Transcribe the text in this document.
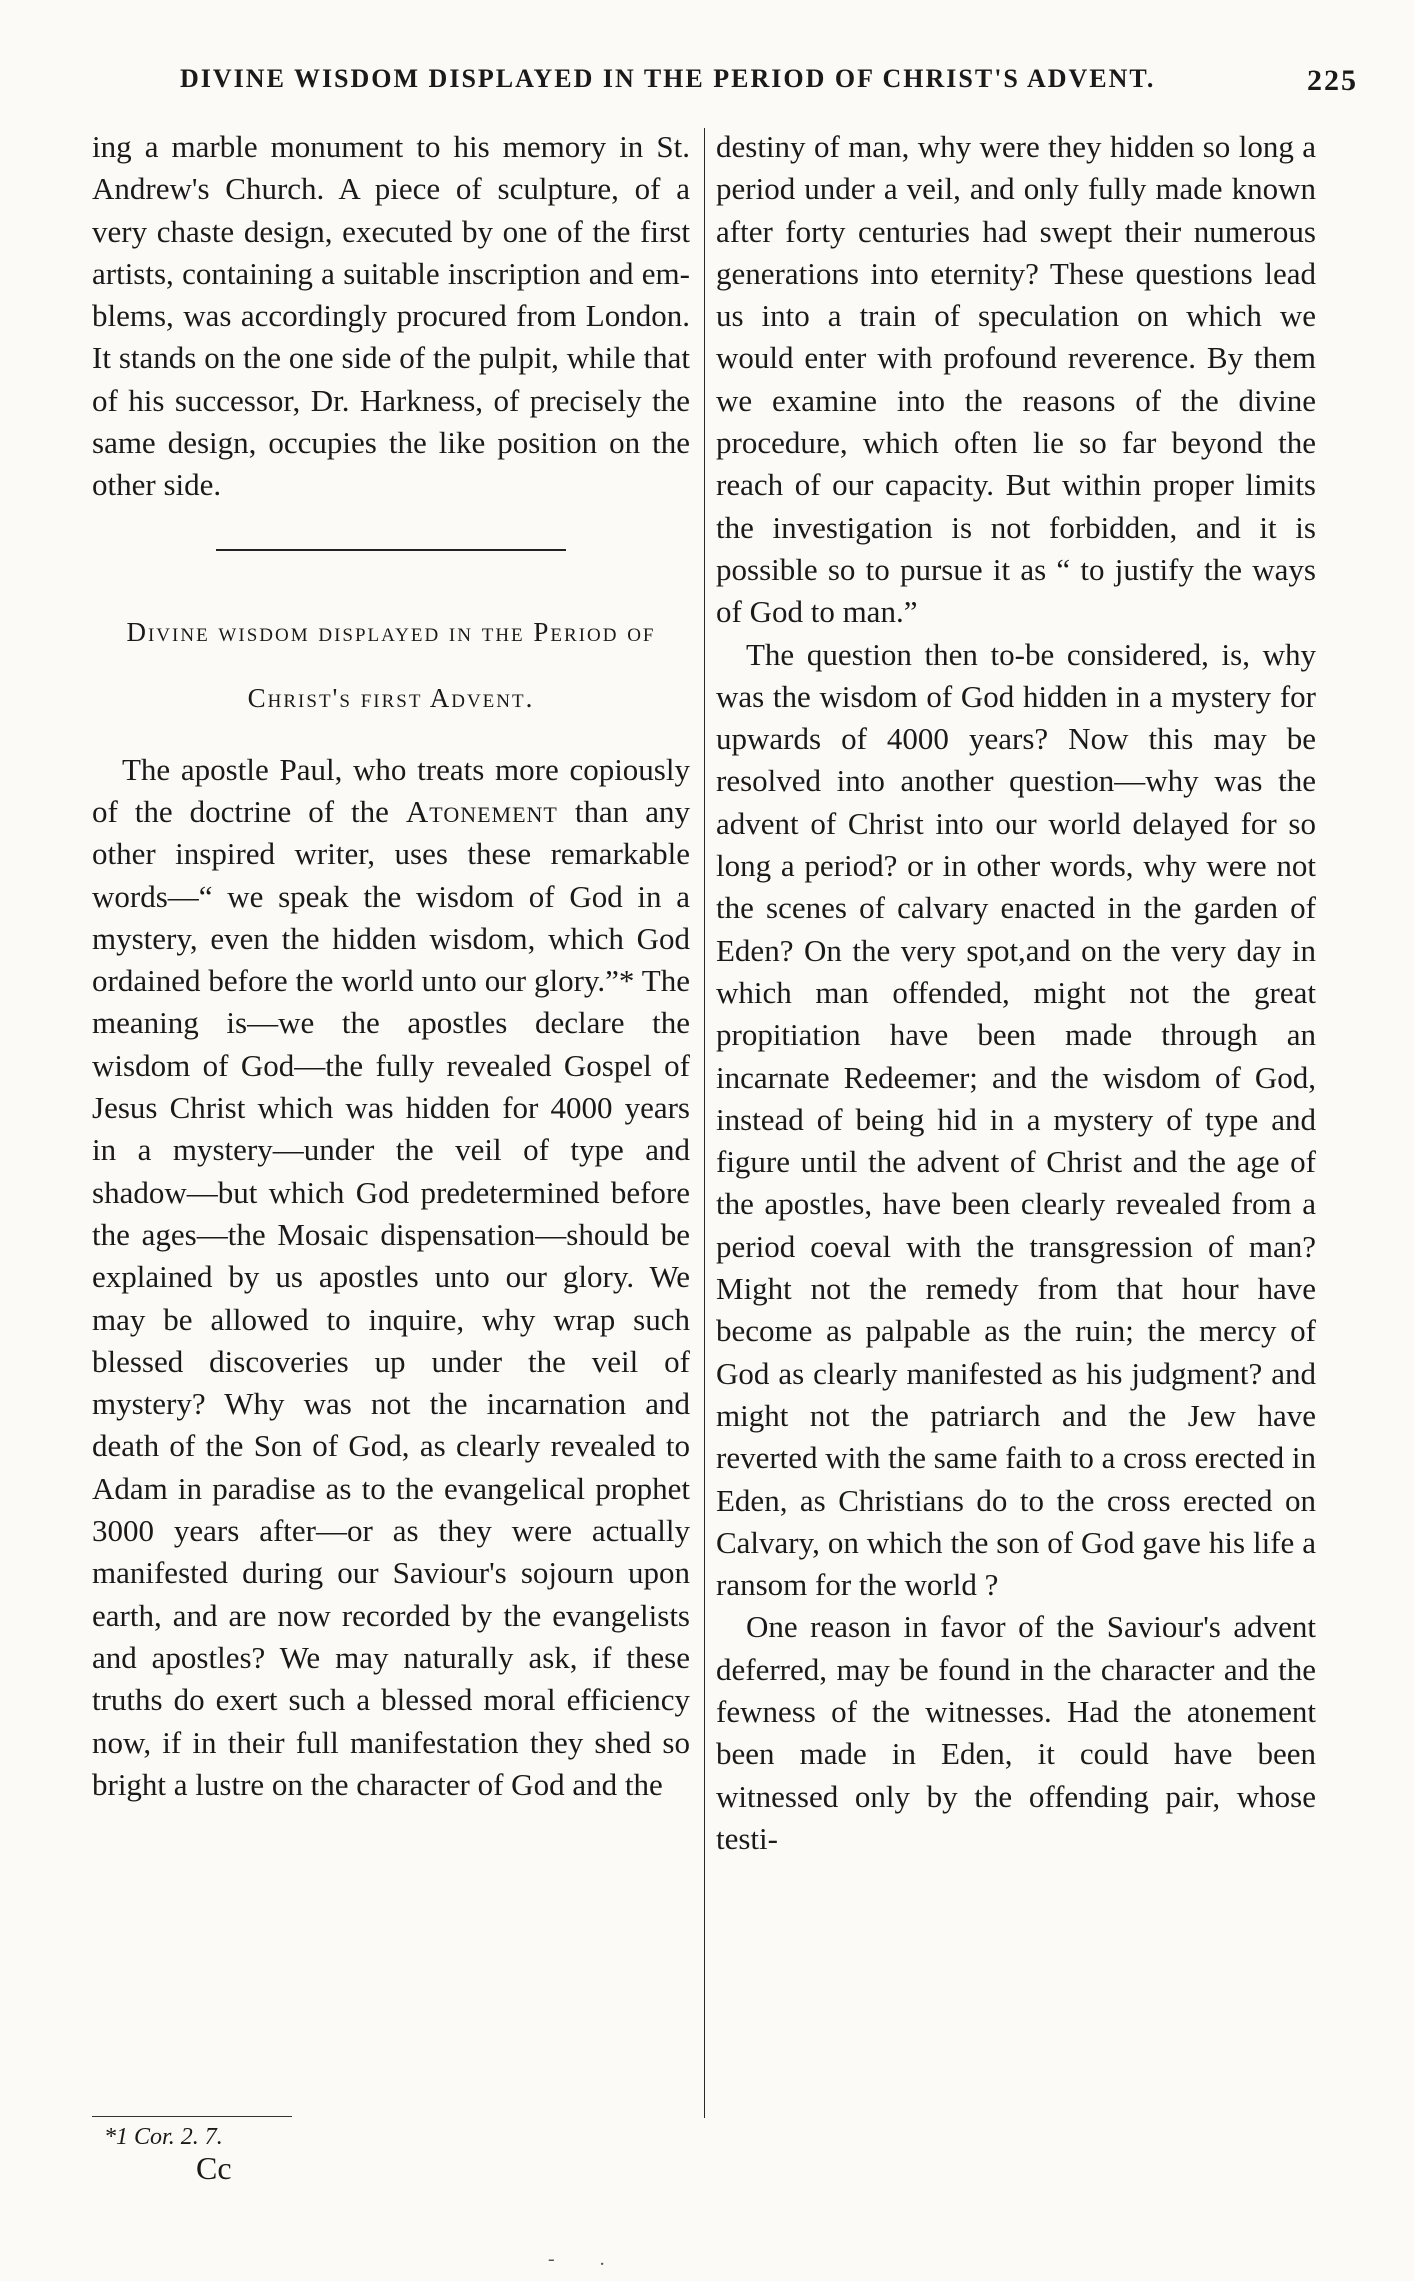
DIVINE WISDOM DISPLAYED IN THE PERIOD OF CHRIST'S ADVENT.	225

ing a marble monument to his memory in St. Andrew's Church. A piece of sculpture, of a very chaste design, executed by one of the first artists, containing a suitable inscription and emblems, was accordingly procured from London. It stands on the one side of the pulpit, while that of his successor, Dr. Harkness, of precisely the same design, occupies the like position on the other side.

Divine wisdom displayed in the Period of Christ's first Advent.

The apostle Paul, who treats more copiously of the doctrine of the Atonement than any other inspired writer, uses these remarkable words—“ we speak the wisdom of God in a mystery, even the hidden wisdom, which God ordained before the world unto our glory.”* The meaning is—we the apostles declare the wisdom of God—the fully revealed Gospel of Jesus Christ which was hidden for 4000 years in a mystery—under the veil of type and shadow—but which God predetermined before the ages—the Mosaic dispensation—should be explained by us apostles unto our glory. We may be allowed to inquire, why wrap such blessed discoveries up under the veil of mystery? Why was not the incarnation and death of the Son of God, as clearly revealed to Adam in paradise as to the evangelical prophet 3000 years after—or as they were actually manifested during our Saviour's sojourn upon earth, and are now recorded by the evangelists and apostles? We may naturally ask, if these truths do exert such a blessed moral efficiency now, if in their full manifestation they shed so bright a lustre on the character of God and the

destiny of man, why were they hidden so long a period under a veil, and only fully made known after forty centuries had swept their numerous generations into eternity? These questions lead us into a train of speculation on which we would enter with profound reverence. By them we examine into the reasons of the divine procedure, which often lie so far beyond the reach of our capacity. But within proper limits the investigation is not forbidden, and it is possible so to pursue it as “ to justify the ways of God to man.”

The question then to-be considered, is, why was the wisdom of God hidden in a mystery for upwards of 4000 years? Now this may be resolved into another question—why was the advent of Christ into our world delayed for so long a period? or in other words, why were not the scenes of calvary enacted in the garden of Eden? On the very spot,and on the very day in which man offended, might not the great propitiation have been made through an incarnate Redeemer; and the wisdom of God, instead of being hid in a mystery of type and figure until the advent of Christ and the age of the apostles, have been clearly revealed from a period coeval with the transgression of man? Might not the remedy from that hour have become as palpable as the ruin; the mercy of God as clearly manifested as his judgment? and might not the patriarch and the Jew have reverted with the same faith to a cross erected in Eden, as Christians do to the cross erected on Calvary, on which the son of God gave his life a ransom for the world ?

One reason in favor of the Saviour's advent deferred, may be found in the character and the fewness of the witnesses. Had the atonement been made in Eden, it could have been witnessed only by the offending pair, whose testi-

*1 Cor. 2. 7.
Cc
- .
